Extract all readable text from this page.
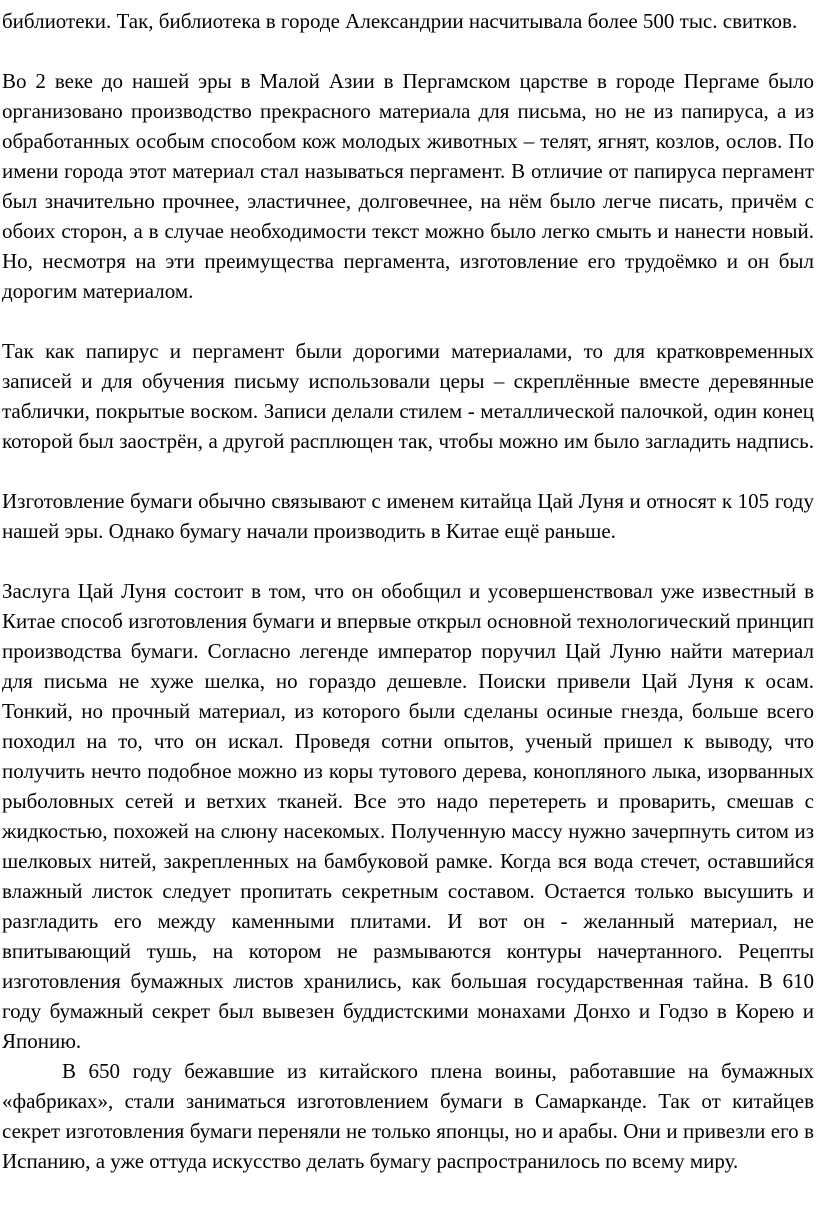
библиотеки. Так, библиотека в городе Александрии насчитывала более 500 тыс. свитков.

Во 2 веке до нашей эры в Малой Азии в Пергамском царстве в городе Пергаме было организовано производство прекрасного материала для письма, но не из папируса, а из обработанных особым способом кож молодых животных – телят, ягнят, козлов, ослов. По имени города этот материал стал называться пергамент. В отличие от папируса пергамент был значительно прочнее, эластичнее, долговечнее, на нём было легче писать, причём с обоих сторон, а в случае необходимости текст можно было легко смыть и нанести новый. Но, несмотря на эти преимущества пергамента, изготовление его трудоёмко и он был дорогим материалом.

Так как папирус и пергамент были дорогими материалами, то для кратковременных записей и для обучения письму использовали церы – скреплённые вместе деревянные таблички, покрытые воском. Записи делали стилем - металлической палочкой, один конец которой был заострён, а другой расплющен так, чтобы можно им было загладить надпись.

Изготовление бумаги обычно связывают с именем китайца Цай Луня и относят к 105 году нашей эры. Однако бумагу начали производить в Китае ещё раньше.

Заслуга Цай Луня состоит в том, что он обобщил и усовершенствовал уже известный в Китае способ изготовления бумаги и впервые открыл основной технологический принцип производства бумаги. Согласно легенде император поручил Цай Луню найти материал для письма не хуже шелка, но гораздо дешевле. Поиски привели Цай Луня к осам. Тонкий, но прочный материал, из которого были сделаны осиные гнезда, больше всего походил на то, что он искал. Проведя сотни опытов, ученый пришел к выводу, что получить нечто подобное можно из коры тутового дерева, конопляного лыка, изорванных рыболовных сетей и ветхих тканей. Все это надо перетереть и проварить, смешав с жидкостью, похожей на слюну насекомых. Полученную массу нужно зачерпнуть ситом из шелковых нитей, закрепленных на бамбуковой рамке. Когда вся вода стечет, оставшийся влажный листок следует пропитать секретным составом. Остается только высушить и разгладить его между каменными плитами. И вот он - желанный материал, не впитывающий тушь, на котором не размываются контуры начертанного. Рецепты изготовления бумажных листов хранились, как большая государственная тайна. В 610 году бумажный секрет был вывезен буддистскими монахами Донхо и Годзо в Корею и Японию.

В 650 году бежавшие из китайского плена воины, работавшие на бумажных «фабриках», стали заниматься изготовлением бумаги в Самарканде. Так от китайцев секрет изготовления бумаги переняли не только японцы, но и арабы. Они и привезли его в Испанию, а уже оттуда искусство делать бумагу распространилось по всему миру.
